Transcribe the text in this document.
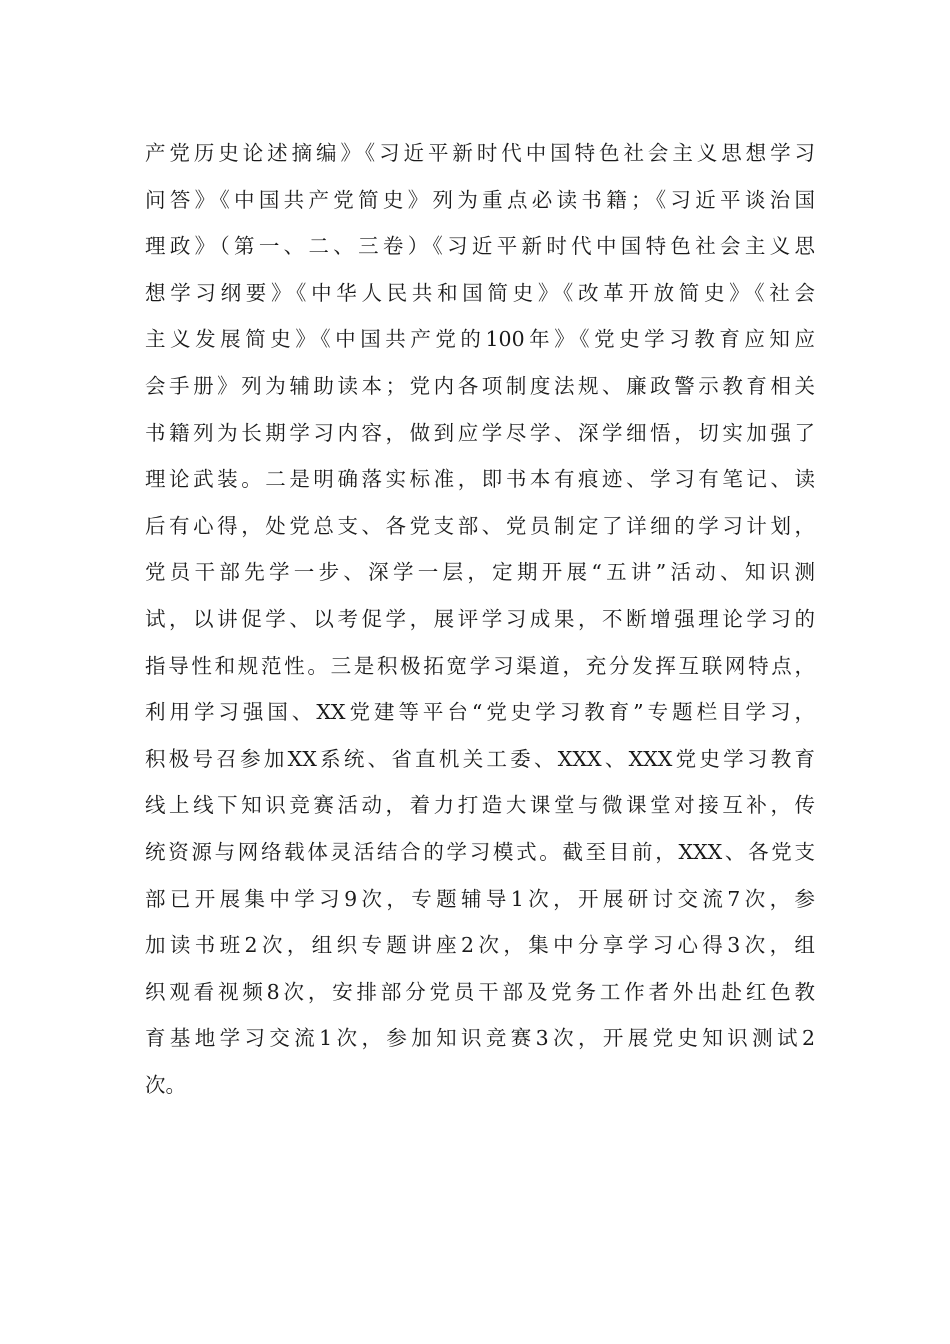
产党历史论述摘编》《习近平新时代中国特色社会主义思想学习
问答》《中国共产党简史》列为重点必读书籍；《习近平谈治国
理政》（第一、二、三卷）《习近平新时代中国特色社会主义思
想学习纲要》《中华人民共和国简史》《改革开放简史》《社会
主义发展简史》《中国共产党的100年》《党史学习教育应知应
会手册》列为辅助读本；党内各项制度法规、廉政警示教育相关
书籍列为长期学习内容，做到应学尽学、深学细悟，切实加强了
理论武装。二是明确落实标准，即书本有痕迹、学习有笔记、读
后有心得，处党总支、各党支部、党员制定了详细的学习计划，
党员干部先学一步、深学一层，定期开展“五讲”活动、知识测
试，以讲促学、以考促学，展评学习成果，不断增强理论学习的
指导性和规范性。三是积极拓宽学习渠道，充分发挥互联网特点，
利用学习强国、XX党建等平台“党史学习教育”专题栏目学习，
积极号召参加XX系统、省直机关工委、XXX、XXX党史学习教育
线上线下知识竞赛活动，着力打造大课堂与微课堂对接互补，传
统资源与网络载体灵活结合的学习模式。截至目前，XXX、各党支
部已开展集中学习9次，专题辅导1次，开展研讨交流7次，参
加读书班2次，组织专题讲座2次，集中分享学习心得3次，组
织观看视频8次，安排部分党员干部及党务工作者外出赴红色教
育基地学习交流1次，参加知识竞赛3次，开展党史知识测试2
次。
